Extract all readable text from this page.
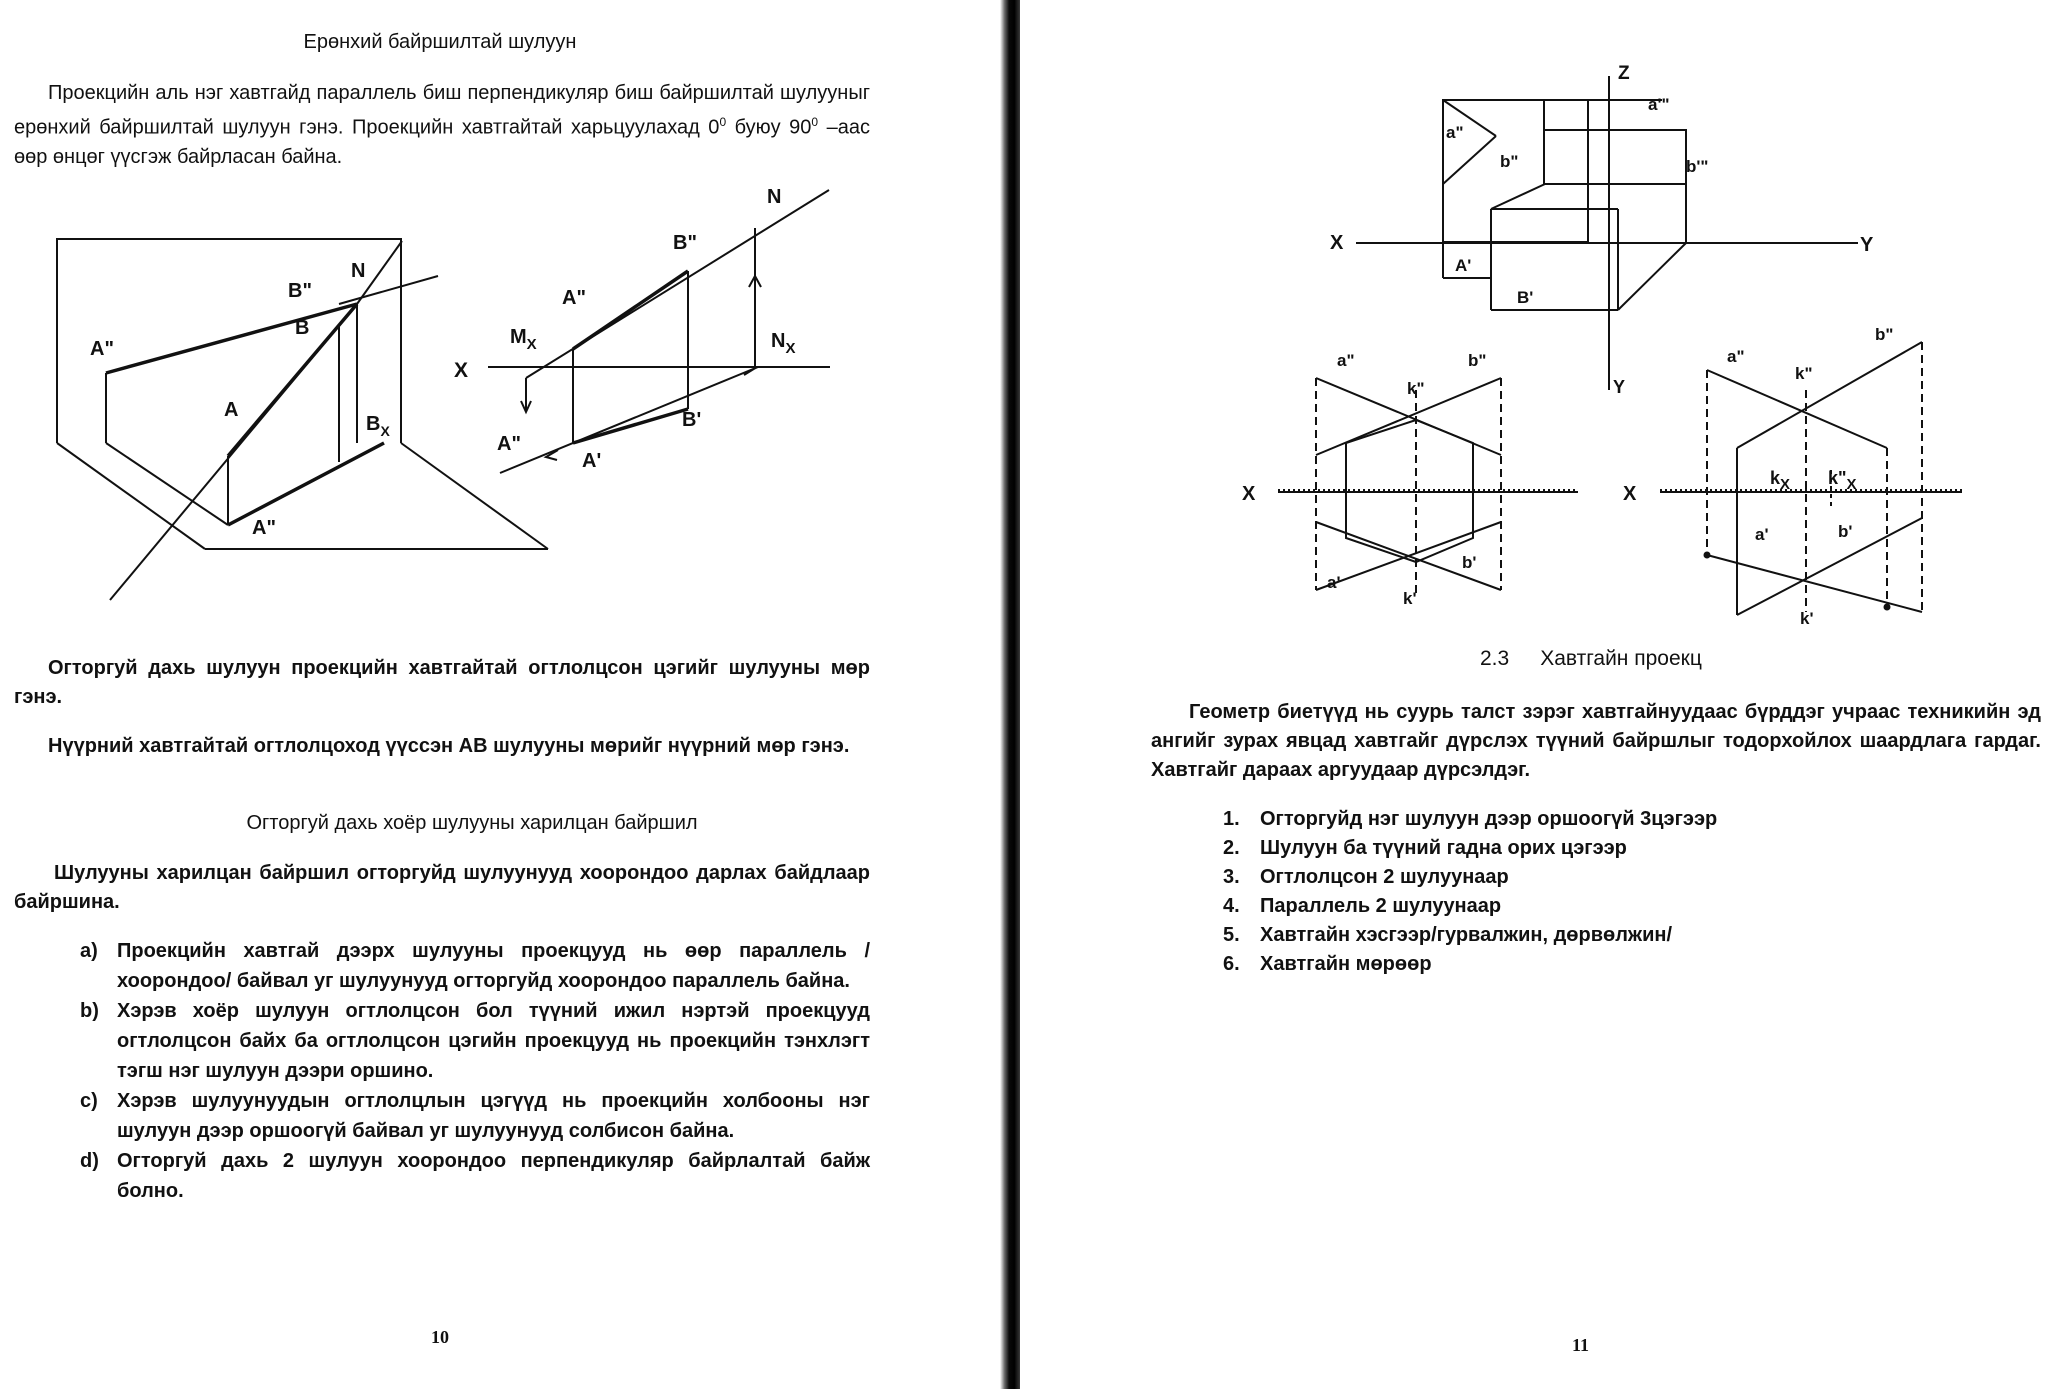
Ерөнхий байршилтай шулуун
Проекцийн аль нэг хавтгайд параллель биш перпендикуляр биш байршилтай шулууныг ерөнхий байршилтай шулуун гэнэ. Проекцийн хавтгайтай харьцуулахад $0^0$ буюу $90^0$ –аас өөр өнцөг үүсгэж байрласан байна.
A"
B"
B
N
A
$B_X$
A"
N
B"
A"
$M_X$	$N_X$
X
B'
A'
A"
Огторгуй дахь шулуун проекцийн хавтгайтай огтлолцсон цэгийг шулууны мөр гэнэ.
Нүүрний хавтгайтай огтлолцоход үүссэн AB шулууны мөрийг нүүрний мөр гэнэ.
Огторгуй дахь хоёр шулууны харилцан байршил
Шулууны харилцан байршил огторгуйд шулуунууд хоорондоо дарлах байдлаар байршина.
a) Проекцийн хавтгай дээрх шулууны проекцууд нь өөр параллель / хоорондоо/ байвал уг шулуунууд огторгуйд хоорондоо параллель байна.
b) Хэрэв хоёр шулуун огтлолцсон бол түүний ижил нэртэй проекцууд огтлолцсон байх ба огтлолцсон цэгийн проекцууд нь проекцийн тэнхлэгт тэгш нэг шулуун дээри оршино.
c) Хэрэв шулуунуудын огтлолцлын цэгүүд нь проекцийн холбооны нэг шулуун дээр оршоогүй байвал уг шулуунууд солбисон байна.
d) Огторгуй дахь 2 шулуун хоорондоо перпендикуляр байрлалтай байж болно.
10
Z
a'"
a"
b"	b'"
X	Y
A'
B'
a"	b"
k"
X
Y
a'
b'
k'
a"
b"
k"
X
$k_X$ $k"_X$
a'	b'
k'
2.3 Хавтгайн проекц
Геометр биетүүд нь суурь талст зэрэг хавтгайнуудаас бүрддэг учраас техникийн эд ангийг зурах явцад хавтгайг дүрслэх түүний байршлыг тодорхойлох шаардлага гардаг. Хавтгайг дараах аргуудаар дүрсэлдэг.
1. Огторгуйд нэг шулуун дээр оршоогүй 3цэгээр
2. Шулуун ба түүний гадна орих цэгээр
3. Огтлолцсон 2 шулуунаар
4. Параллель 2 шулуунаар
5. Хавтгайн хэсгээр/гурвалжин, дөрвөлжин/
6. Хавтгайн мөрөөр
11
